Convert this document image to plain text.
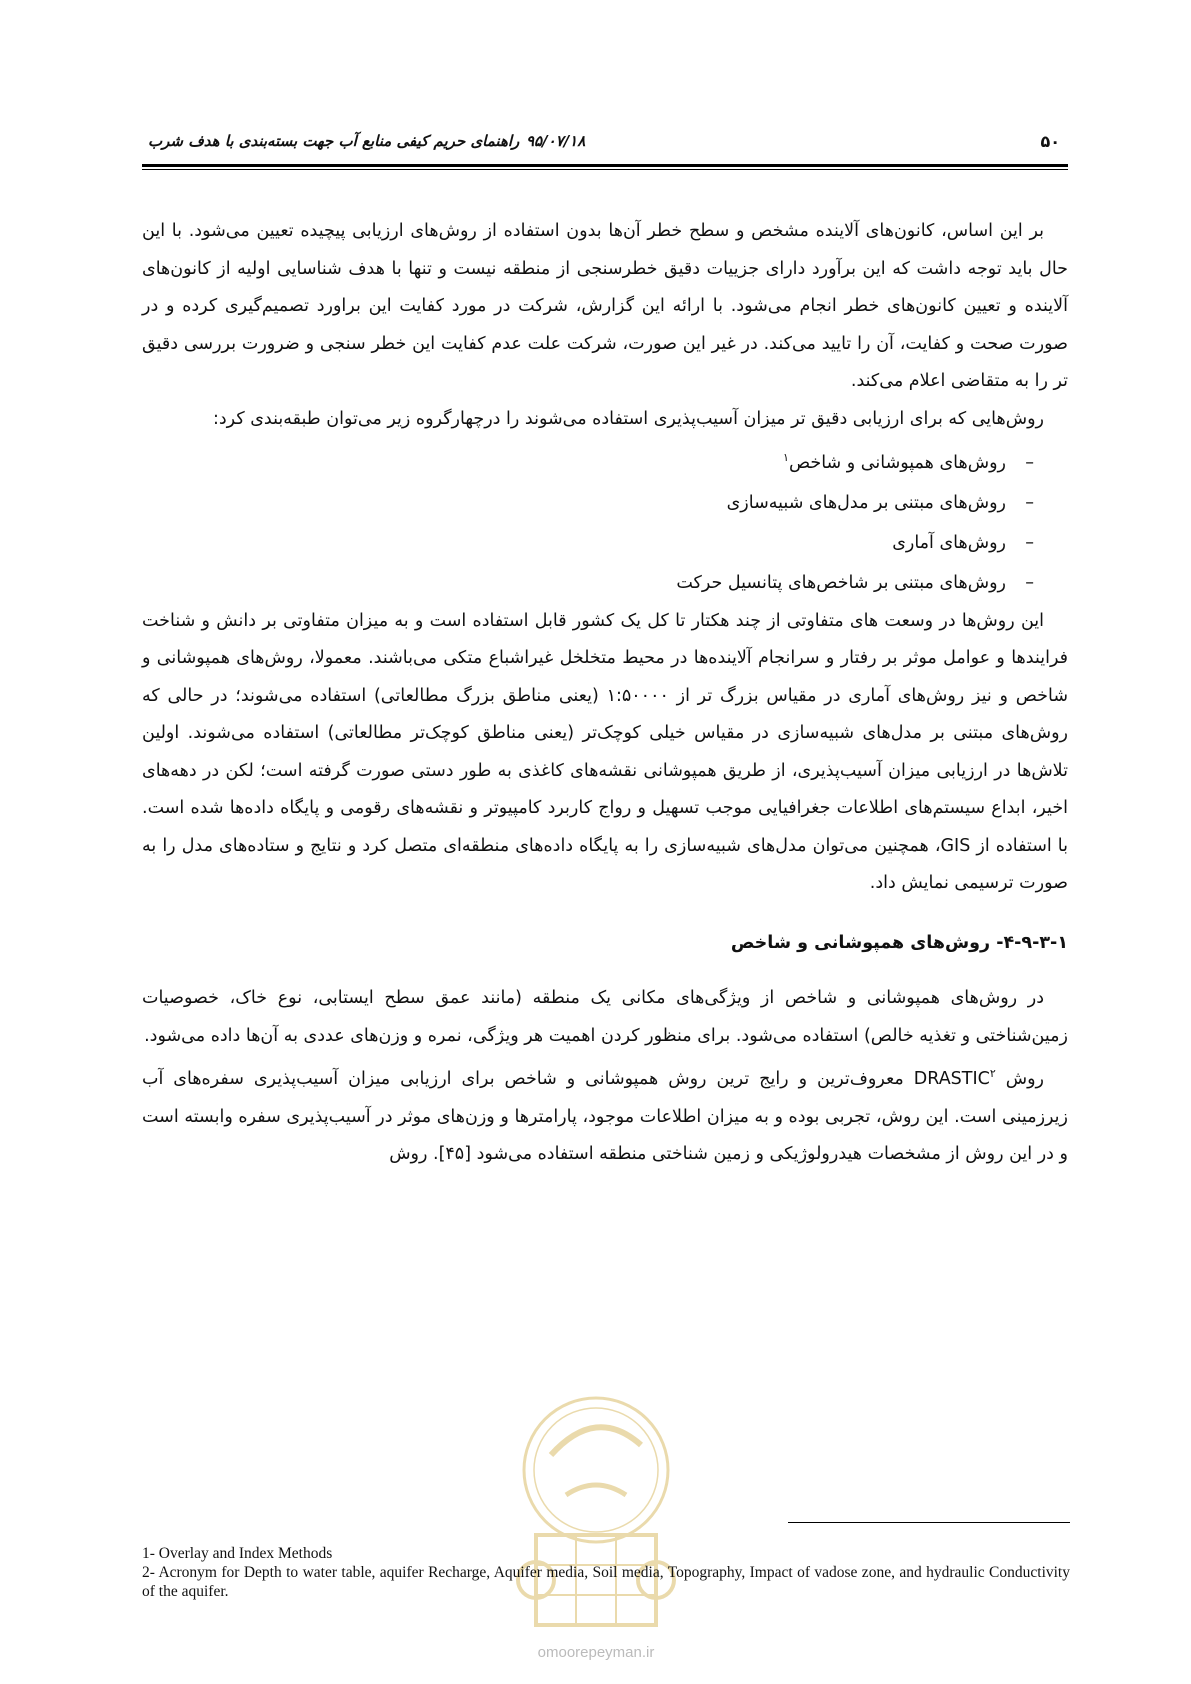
۵۰
۹۵/۰۷/۱۸
راهنمای حریم کیفی منابع آب جهت بسته‌بندی با هدف شرب

بر این اساس، کانون‌های آلاینده مشخص و سطح خطر آن‌ها بدون استفاده از روش‌های ارزیابی پیچیده تعیین می‌شود. با این حال باید توجه داشت که این برآورد دارای جزییات دقیق خطرسنجی از منطقه نیست و تنها با هدف شناسایی اولیه از کانون‌های آلاینده و تعیین کانون‌های خطر انجام می‌شود. با ارائه این گزارش، شرکت در مورد کفایت این براورد تصمیم‌گیری کرده و در صورت صحت و کفایت، آن را تایید می‌کند. در غیر این صورت، شرکت علت عدم کفایت این خطر سنجی و ضرورت بررسی دقیق تر را به متقاضی اعلام می‌کند.

روش‌هایی که برای ارزیابی دقیق تر میزان آسیب‌پذیری استفاده می‌شوند را درچهارگروه زیر می‌توان طبقه‌بندی کرد:

–روش‌های همپوشانی و شاخص$^۱$
–روش‌های مبتنی بر مدل‌های شبیه‌سازی
–روش‌های آماری
–روش‌های مبتنی بر شاخص‌های پتانسیل حرکت

این روش‌ها در وسعت های متفاوتی از چند هکتار تا کل یک کشور قابل استفاده است و به میزان متفاوتی بر دانش و شناخت فرایندها و عوامل موثر بر رفتار و سرانجام آلاینده‌ها در محیط متخلخل غیراشباع متکی می‌باشند. معمولا، روش‌های همپوشانی و شاخص و نیز روش‌های آماری در مقیاس بزرگ تر از ۱:۵۰۰۰۰ (یعنی مناطق بزرگ مطالعاتی) استفاده می‌شوند؛ در حالی که روش‌های مبتنی بر مدل‌های شبیه‌سازی در مقیاس خیلی کوچک‌تر (یعنی مناطق کوچک‌تر مطالعاتی) استفاده می‌شوند. اولین تلاش‌ها در ارزیابی میزان آسیب‌پذیری، از طریق همپوشانی نقشه‌های کاغذی به طور دستی صورت گرفته است؛ لکن در دهه‌های اخیر، ابداع سیستم‌های اطلاعات جغرافیایی موجب تسهیل و رواج کاربرد کامپیوتر و نقشه‌های رقومی و پایگاه داده‌ها شده است. با استفاده از GIS، همچنین می‌توان مدل‌های شبیه‌سازی را به پایگاه داده‌های منطقه‌ای متصل کرد و نتایج و ستاده‌های مدل را به صورت ترسیمی نمایش داد.

۴-۹-۳-۱- روش‌های همپوشانی و شاخص

در روش‌های همپوشانی و شاخص از ویژگی‌های مکانی یک منطقه (مانند عمق سطح ایستابی، نوع خاک، خصوصیات زمین‌شناختی و تغذیه خالص) استفاده می‌شود. برای منظور کردن اهمیت هر ویژگی، نمره و وزن‌های عددی به آن‌ها داده می‌شود.

روش DRASTIC$^۲$ معروف‌ترین و رایج ترین روش همپوشانی و شاخص برای ارزیابی میزان آسیب‌پذیری سفره‌های آب زیرزمینی است. این روش، تجربی بوده و به میزان اطلاعات موجود، پارامترها و وزن‌های موثر در آسیب‌پذیری سفره وابسته است و در این روش از مشخصات هیدرولوژیکی و زمین شناختی منطقه استفاده می‌شود [۴۵]. روش

omoorepeyman.ir

1- Overlay and Index Methods

2- Acronym for Depth to water table, aquifer Recharge, Aquifer media, Soil media, Topography, Impact of vadose zone, and hydraulic Conductivity of the aquifer.
